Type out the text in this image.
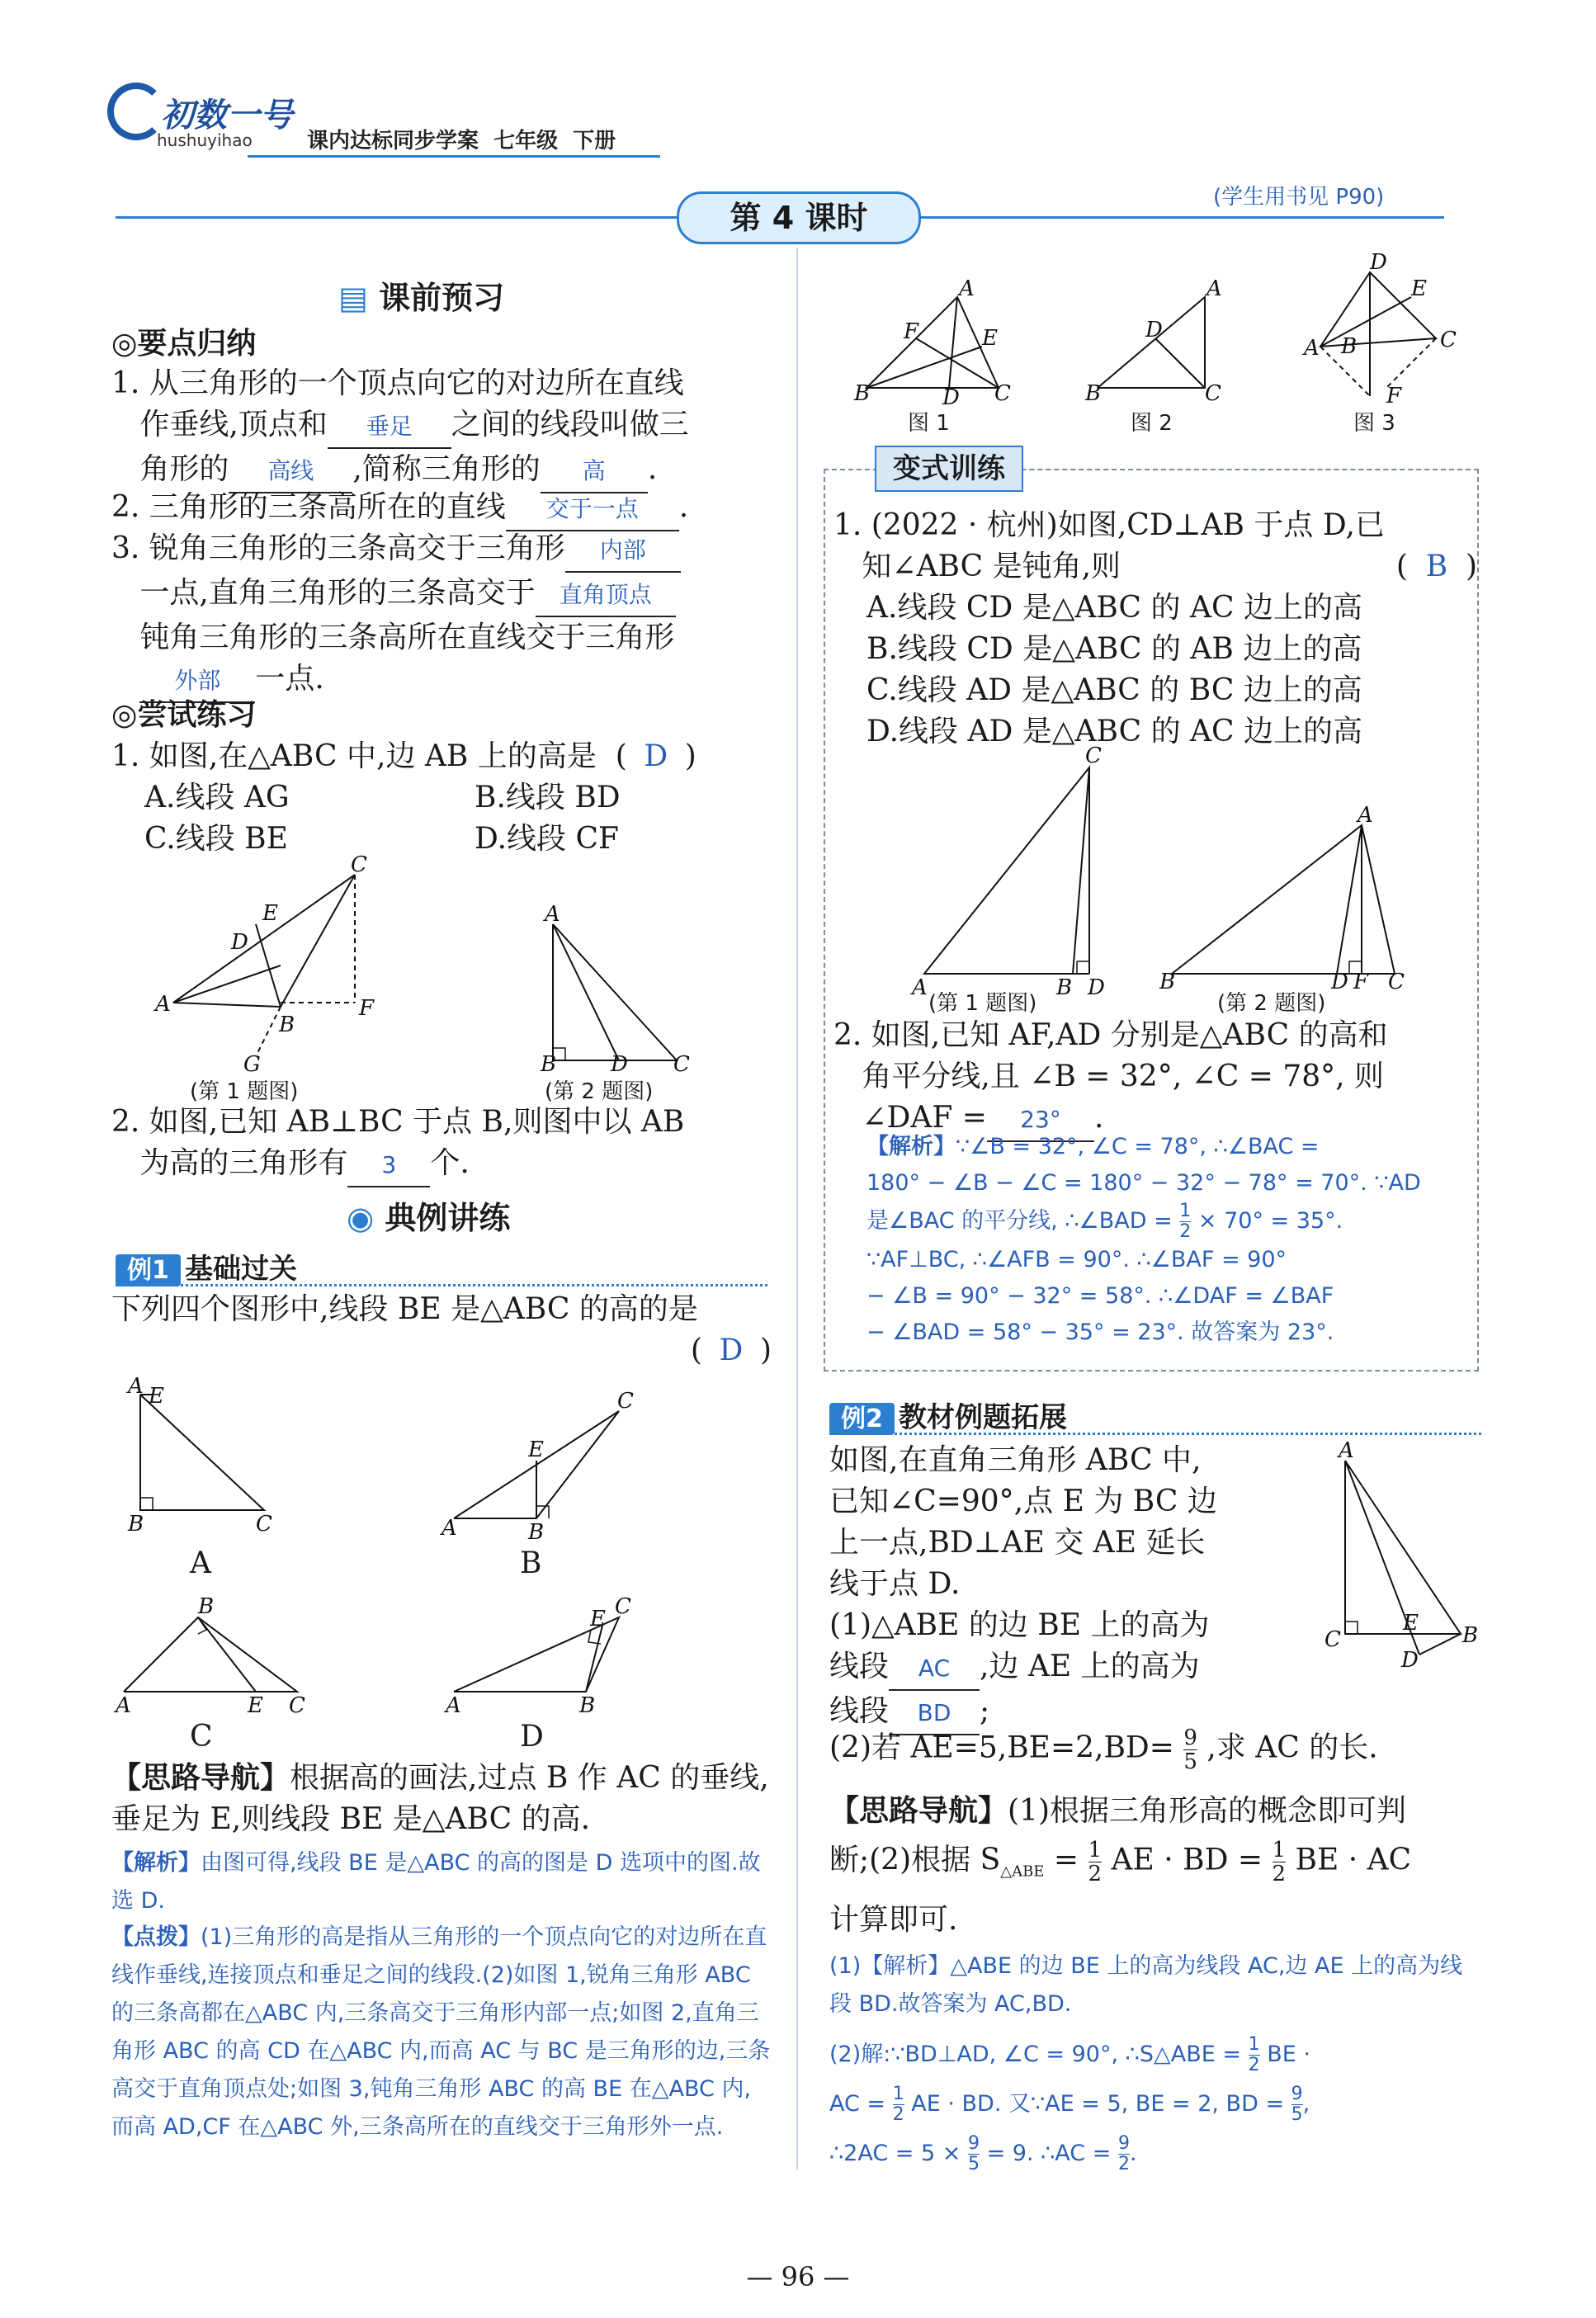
初数一号
hushuyihao	课内达标同步学案 七年级 下册
第 4 课时
(学生用书见 P90)
▤ 课前预习
◎要点归纳
1. 从三角形的一个顶点向它的对边所在直线
作垂线,顶点和 垂足 之间的线段叫做三
角形的 高线 ,简称三角形的 高 .
2. 三角形的三条高所在的直线 交于一点 .
3. 锐角三角形的三条高交于三角形 内部
一点,直角三角形的三条高交于 直角顶点
钝角三角形的三条高所在直线交于三角形
外部 一点.
◎尝试练习
1. 如图,在△ABC 中,边 AB 上的高是  ( D )
A.线段 AG	B.线段 BD
C.线段 BE	D.线段 CF
A
B
C
D
E
F
G
(第 1 题图)
A
B	D C
(第 2 题图)
2. 如图,已知 AB⊥BC 于点 B,则图中以 AB
为高的三角形有 3 个.
◉ 典例讲练
例1 基础过关
下列四个图形中,线段 BE 是△ABC 的高的是
( D )
A E
B	C
A
A
E
B
C
B
A
B
E C
C
A	B
E C
D
【思路导航】根据高的画法,过点 B 作 AC 的垂线,垂足为 E,则线段 BE 是△ABC 的高.
【解析】由图可得,线段 BE 是△ABC 的高的图是 D 选项中的图.故选 D.
【点拨】(1)三角形的高是指从三角形的一个顶点向它的对边所在直线作垂线,连接顶点和垂足之间的线段.(2)如图 1,锐角三角形 ABC 的三条高都在△ABC 内,三条高交于三角形内部一点;如图 2,直角三角形 ABC 的高 CD 在△ABC 内,而高 AC 与 BC 是三角形的边,三条高交于直角顶点处;如图 3,钝角三角形 ABC 的高 BE 在△ABC 内,而高 AD,CF 在△ABC 外,三条高所在的直线交于三角形外一点.
B
A
C
D
F	E
图 1
B
A
C
D
图 2
A	C
D
E
B
F
图 3
变式训练
1. (2022 · 杭州)如图,CD⊥AB 于点 D,已

知∠ABC 是钝角,则	( B )
A.线段 CD 是△ABC 的 AC 边上的高
B.线段 CD 是△ABC 的 AB 边上的高
C.线段 AD 是△ABC 的 BC 边上的高
D.线段 AD 是△ABC 的 AC 边上的高
C
A	B D
(第 1 题图)
A
B	D F C
(第 2 题图)
2. 如图,已知 AF,AD 分别是△ABC 的高和
角平分线,且 ∠B = 32°, ∠C = 78°, 则
∠DAF = 23° .
【解析】∵∠B = 32°, ∠C = 78°, ∴∠BAC =
180° − ∠B − ∠C = 180° − 32° − 78° = 70°. ∵AD
是∠BAC 的平分线, ∴∠BAD = $\frac{1}{2} \times 70^\circ = 35^\circ$.
∵AF⊥BC, ∴∠AFB = 90°. ∴∠BAF = 90°
− ∠B = 90° − 32° = 58°. ∴∠DAF = ∠BAF
− ∠BAD = 58° − 35° = 23°. 故答案为 23°.
例2 教材例题拓展
如图,在直角三角形 ABC 中,
已知∠C=90°,点 E 为 BC 边
上一点,BD⊥AE 交 AE 延长
线于点 D.
(1)△ABE 的边 BE 上的高为
线段 AC ,边 AE 上的高为
线段 BD ;
A
C
E B
D
(2)若 $AE=5,BE=2,BD= \frac{9}{5}$ ,求 AC 的长.
【思路导航】(1)根据三角形高的概念即可判
断;(2)根据 $S_{\triangle ABE} = \frac{1}{2}$ AE · BD = $\frac{1}{2}$ BE · AC
计算即可.
(1)【解析】△ABE 的边 BE 上的高为线段 AC,边 AE 上的高为线段 BD.故答案为 AC,BD.
(2)解:∵BD⊥AD, ∠C = 90°, ∴S△ABE = $\frac{1}{2}$ BE ·
AC = $\frac{1}{2}$ AE · BD. 又∵AE = 5, BE = 2, BD = $\frac{9}{5}$ ,
∴2AC = $5 \times \frac{9}{5} = 9$. ∴AC = $\frac{9}{2}$ .
— 96 —
